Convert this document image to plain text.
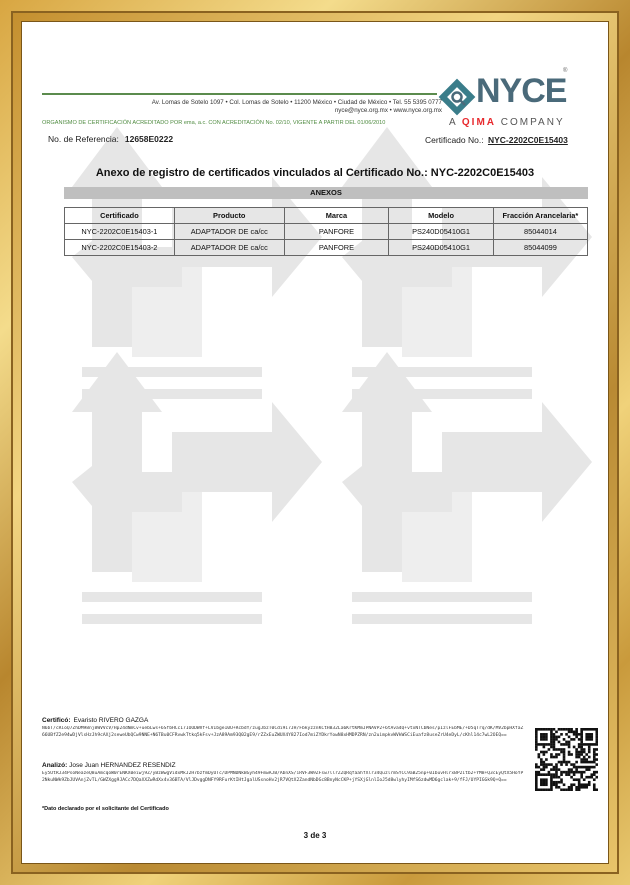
Av. Lomas de Sotelo 1097 • Col. Lomas de Sotelo • 11200 México • Ciudad de México • Tel. 55 5395 0777
nyce@nyce.org.mx • www.nyce.org.mx
ORGANISMO DE CERTIFICACIÓN ACREDITADO POR ema, a.c. CON ACREDITACIÓN No. 02/10, VIGENTE A PARTIR DEL 01/06/2010
No. de Referencia: 12658E0222
NYCE
®
A QIMA COMPANY
Certificado No.: NYC-2202C0E15403
Anexo de registro de certificados vinculados al Certificado No.: NYC-2202C0E15403
ANEXOS
Certificado	Producto	Marca	Modelo	Fracción Arancelaria*
NYC-2202C0E15403-1	ADAPTADOR DE ca/cc	PANFORE	PS240D05410G1	85044014
NYC-2202C0E15403-2	ADAPTADOR DE ca/cc	PANFORE	PS240D05410G1	85044099
Certificó: Evaristo RIVERO GAZGA
N6bT/cRioQ7ZhDM98nj8WVVcV/Hp24dNmCv+uebLws+6SfbHCc17IOODWVf+LVIbge10U+RcbdY/zugJbzT0Cdi9i7JH/FbkyzznKCtH832La6KrtKMmJPNAVP2+6tAva4Q+vtxNTCbNes/pIzlFEbME/+D5qTrq/dK/MV2bpHXfaZ66UBfZ2e94wDjVlsHzJh9cAXj2seweUbQCw9NNE+N6TBu0CFRvwkTtkq5kFsv+JzA89Am93Q02gE9/rZZxEuZWUX4Y827Iod7miZYDkrYowN8xHMDPZRN/zn2uimpkvWVkWSCiEuafz8useZrU4eDyL/cKhl14c7wL2OEQ==
Analizó: Jose Juan HERNANDEZ RESENDIZ
Ey5UtRJ34PsoNeazeQ8uAmcqoW0rENKX0eiwj9Z/yBzWwgVidxMkJ2H7bzfmDyUTc/DPMNDNkBGyh49FmwAJB/AbnXS/iRVF3W9ZFsw7llrZZQRqfaahfXlr34QuzlrmSYCC9aB25np+0IbuvHlrxBP2itb2+YM8+Q3cEyQtX5HoYP2NkuNWk9ZbJUVAnjZvTL/GWZXgg9JACc7DQaXXZwRdXx4v36BTA/VlJDvggDNFY9RFurKtIHtJgalUSsnoHv2jR7VQtX2ZandNbDGc8BnyNcCKP+jYSXjGlnlIoJ5d8wlyhyIMfS6zdwMD6gclak+9/fFJ/UYPIGGk9Q+Q==
*Dato declarado por el solicitante del Certificado
3 de 3
